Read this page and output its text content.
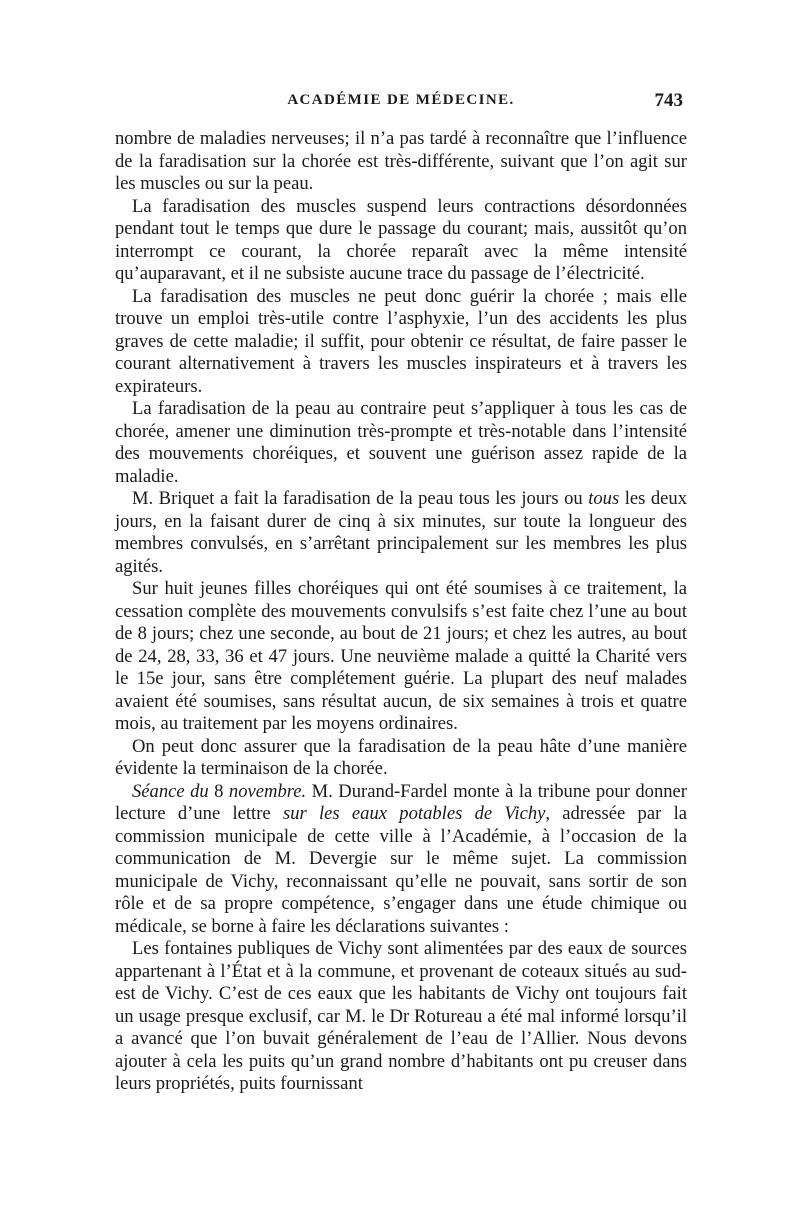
ACADÉMIE DE MÉDECINE.	743

nombre de maladies nerveuses; il n’a pas tardé à reconnaître que l’influence de la faradisation sur la chorée est très-différente, suivant que l’on agit sur les muscles ou sur la peau.

La faradisation des muscles suspend leurs contractions désordonnées pendant tout le temps que dure le passage du courant; mais, aussitôt qu’on interrompt ce courant, la chorée reparaît avec la même intensité qu’auparavant, et il ne subsiste aucune trace du passage de l’électricité.

La faradisation des muscles ne peut donc guérir la chorée ; mais elle trouve un emploi très-utile contre l’asphyxie, l’un des accidents les plus graves de cette maladie; il suffit, pour obtenir ce résultat, de faire passer le courant alternativement à travers les muscles inspirateurs et à travers les expirateurs.

La faradisation de la peau au contraire peut s’appliquer à tous les cas de chorée, amener une diminution très-prompte et très-notable dans l’intensité des mouvements choréiques, et souvent une guérison assez rapide de la maladie.

M. Briquet a fait la faradisation de la peau tous les jours ou tous les deux jours, en la faisant durer de cinq à six minutes, sur toute la longueur des membres convulsés, en s’arrêtant principalement sur les membres les plus agités.

Sur huit jeunes filles choréiques qui ont été soumises à ce traitement, la cessation complète des mouvements convulsifs s’est faite chez l’une au bout de 8 jours; chez une seconde, au bout de 21 jours; et chez les autres, au bout de 24, 28, 33, 36 et 47 jours. Une neuvième malade a quitté la Charité vers le 15e jour, sans être complétement guérie. La plupart des neuf malades avaient été soumises, sans résultat aucun, de six semaines à trois et quatre mois, au traitement par les moyens ordinaires.

On peut donc assurer que la faradisation de la peau hâte d’une manière évidente la terminaison de la chorée.

Séance du 8 novembre. M. Durand-Fardel monte à la tribune pour donner lecture d’une lettre sur les eaux potables de Vichy, adressée par la commission municipale de cette ville à l’Académie, à l’occasion de la communication de M. Devergie sur le même sujet. La commission municipale de Vichy, reconnaissant qu’elle ne pouvait, sans sortir de son rôle et de sa propre compétence, s’engager dans une étude chimique ou médicale, se borne à faire les déclarations suivantes :

Les fontaines publiques de Vichy sont alimentées par des eaux de sources appartenant à l’État et à la commune, et provenant de coteaux situés au sud-est de Vichy. C’est de ces eaux que les habitants de Vichy ont toujours fait un usage presque exclusif, car M. le Dr Rotureau a été mal informé lorsqu’il a avancé que l’on buvait généralement de l’eau de l’Allier. Nous devons ajouter à cela les puits qu’un grand nombre d’habitants ont pu creuser dans leurs propriétés, puits fournissant
